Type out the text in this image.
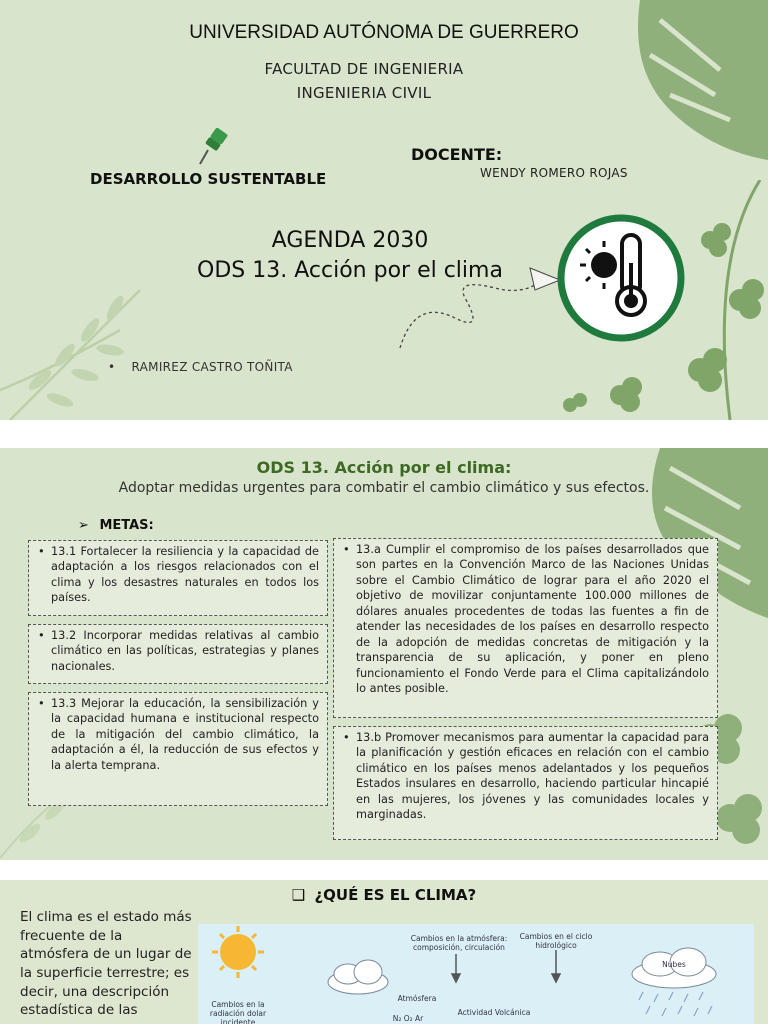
UNIVERSIDAD AUTÓNOMA DE GUERRERO
FACULTAD DE INGENIERIA
INGENIERIA CIVIL
DOCENTE:
WENDY ROMERO ROJAS
DESARROLLO SUSTENTABLE
AGENDA 2030
ODS 13. Acción por el clima
• RAMIREZ CASTRO TOÑITA
ODS 13. Acción por el clima:
Adoptar medidas urgentes para combatir el cambio climático y sus efectos.
➢ METAS:
• 13.1 Fortalecer la resiliencia y la capacidad de adaptación a los riesgos relacionados con el clima y los desastres naturales en todos los países.
• 13.2 Incorporar medidas relativas al cambio climático en las políticas, estrategias y planes nacionales.
• 13.3 Mejorar la educación, la sensibilización y la capacidad humana e institucional respecto de la mitigación del cambio climático, la adaptación a él, la reducción de sus efectos y la alerta temprana.
• 13.a Cumplir el compromiso de los países desarrollados que son partes en la Convención Marco de las Naciones Unidas sobre el Cambio Climático de lograr para el año 2020 el objetivo de movilizar conjuntamente 100.000 millones de dólares anuales procedentes de todas las fuentes a fin de atender las necesidades de los países en desarrollo respecto de la adopción de medidas concretas de mitigación y la transparencia de su aplicación, y poner en pleno funcionamiento el Fondo Verde para el Clima capitalizándolo lo antes posible.
• 13.b Promover mecanismos para aumentar la capacidad para la planificación y gestión eficaces en relación con el cambio climático en los países menos adelantados y los pequeños Estados insulares en desarrollo, haciendo particular hincapié en las mujeres, los jóvenes y las comunidades locales y marginadas.
❑ ¿QUÉ ES EL CLIMA?
El clima es el estado más frecuente de la atmósfera de un lugar de la superficie terrestre; es decir, una descripción estadística de las
Cambios en la atmósfera: composición, circulación
Cambios en el ciclo hidrológico
Nubes
Cambios en la radiación dolar incidente
Atmósfera
Actividad Volcánica
N₂ O₂ Ar
